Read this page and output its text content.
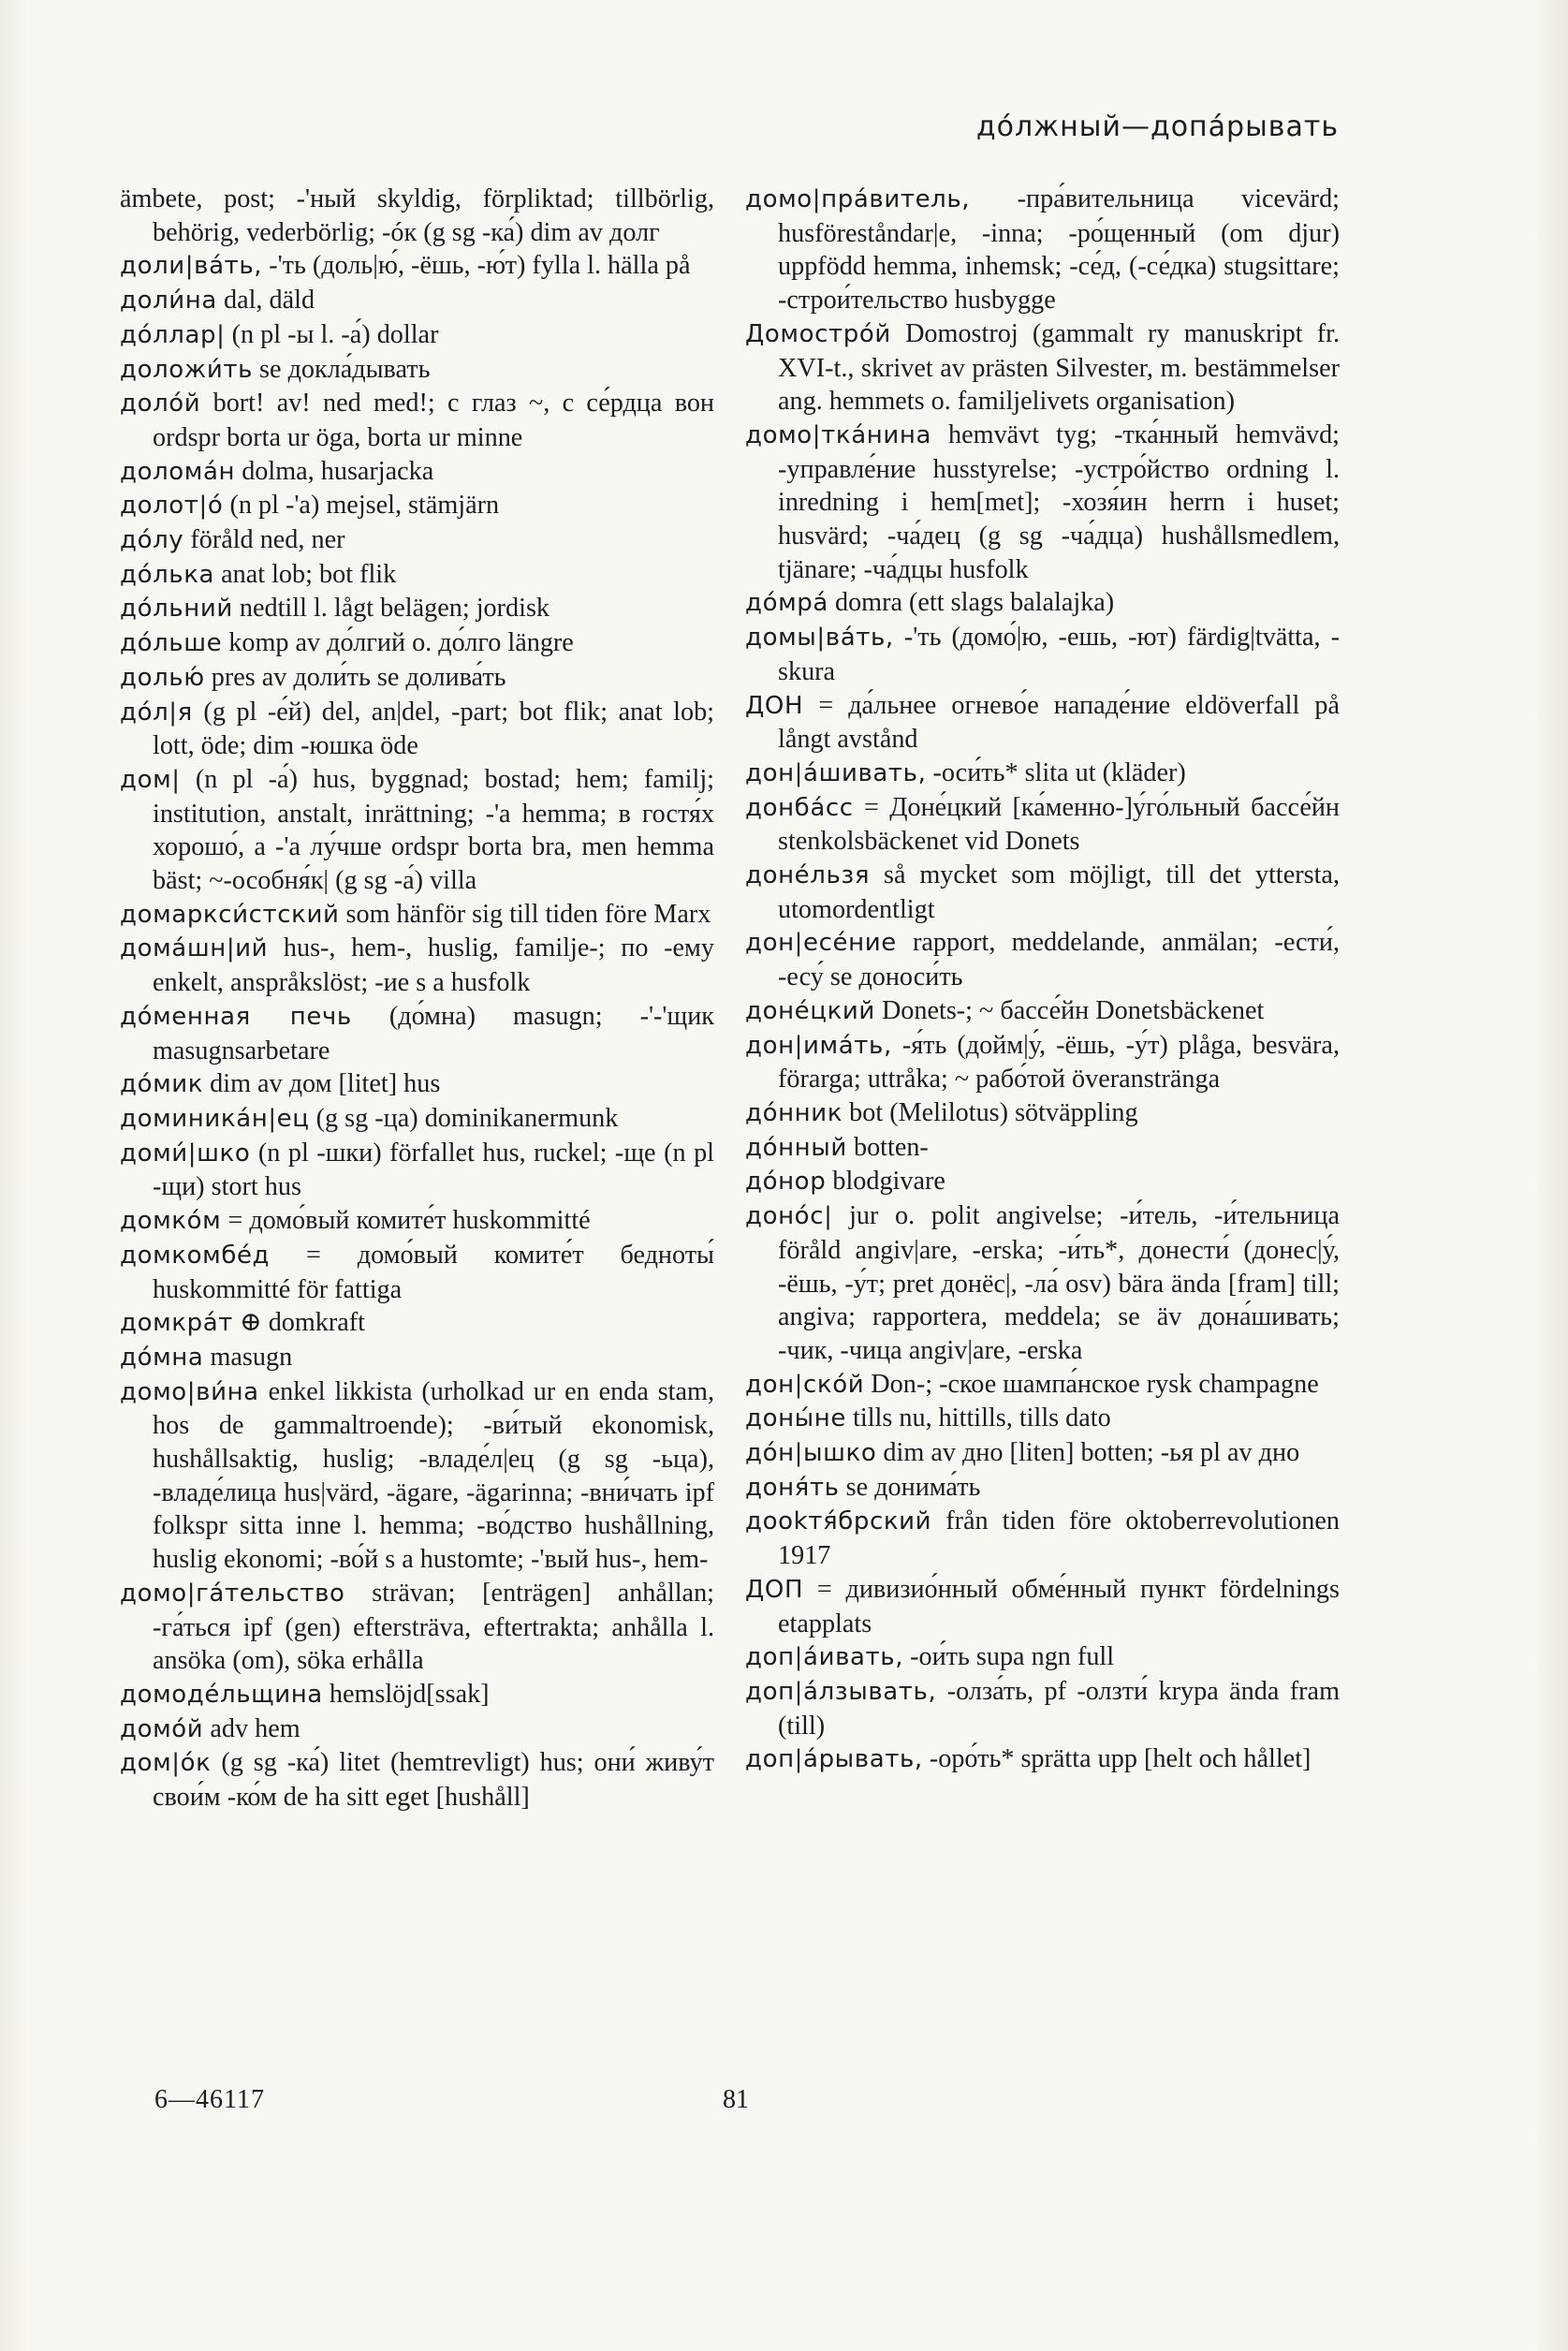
до́лжный—допа́рывать

ämbete, post; -'ный skyldig, förpliktad; tillbörlig, behörig, vederbörlig; -óк (g sg -ка́) dim av долг

доли|ва́ть, -'ть (доль|ю́, -ёшь, -ю́т) fylla l. hälla på

доли́на dal, däld

до́ллар| (n pl -ы l. -а́) dollar

доложи́ть se докла́дывать

доло́й bort! av! ned med!; с глаз ~, с се́рдца вон ordspr borta ur öga, borta ur minne

долома́н dolma, husarjacka

долот|о́ (n pl -'а) mejsel, stämjärn

до́лу föråld ned, ner

до́лька anat lob; bot flik

до́льний nedtill l. lågt belägen; jordisk

до́льше komp av до́лгий o. до́лго längre

долью́ pres av доли́ть se долива́ть

до́л|я (g pl -е́й) del, an|del, -part; bot flik; anat lob; lott, öde; dim -юшка öde

дом| (n pl -а́) hus, byggnad; bostad; hem; familj; institution, anstalt, inrättning; -'а hemma; в гостя́х хорошо́, а -'а лу́чше ordspr borta bra, men hemma bäst; ~-особня́к| (g sg -а́) villa

домаркси́стский som hänför sig till tiden före Marx

дома́шн|ий hus-, hem-, huslig, familje-; по -ему enkelt, anspråkslöst; -ие s a husfolk

до́менная печь (до́мна) masugn; -'-'щик masugnsarbetare

до́мик dim av дом [litet] hus

доминика́н|ец (g sg -ца) dominikanermunk

доми́|шко (n pl -шки) förfallet hus, ruckel; -ще (n pl -щи) stort hus

домко́м = домо́вый комите́т huskommitté

домкомбе́д = домо́вый комите́т бедноты́ huskommitté för fattiga

домкра́т ⊕ domkraft

до́мна masugn

домо|ви́на enkel likkista (urholkad ur en enda stam, hos de gammaltroende); -ви́тый ekonomisk, hushållsaktig, huslig; -владе́л|ец (g sg -ьца), -владе́лица hus|värd, -ägare, -ägarinna; -вни́чать ipf folkspr sitta inne l. hemma; -во́дство hushållning, huslig ekonomi; -во́й s a hustomte; -'вый hus-, hem-

домо|га́тельство strävan; [enträgen] anhållan; -га́ться ipf (gen) eftersträva, eftertrakta; anhålla l. ansöka (om), söka erhålla

домоде́льщина hemslöjd[ssak]

домо́й adv hem

дом|о́к (g sg -ка́) litet (hemtrevligt) hus; они́ живу́т свои́м -ко́м de ha sitt eget [hushåll]

домо|пра́витель, -пра́вительница vicevärd; husföreståndar|e, -inna; -ро́щенный (om djur) uppfödd hemma, inhemsk; -се́д, (-се́дка) stugsittare; -строи́тельство husbygge

Домостро́й Domostroj (gammalt ry manuskript fr. XVI-t., skrivet av prästen Silvester, m. bestämmelser ang. hemmets o. familjelivets organisation)

домо|тка́нина hemvävt tyg; -тка́нный hemvävd; -управле́ние husstyrelse; -устро́йство ordning l. inredning i hem[met]; -хозя́ин herrn i huset; husvärd; -ча́дец (g sg -ча́дца) hushållsmedlem, tjänare; -ча́дцы husfolk

до́мра́ domra (ett slags balalajka)

домы|ва́ть, -'ть (домо́|ю, -ешь, -ют) färdig|tvätta, -skura

ДОН = да́льнее огнево́е нападе́ние eldöverfall på långt avstånd

дон|а́шивать, -оси́ть* slita ut (kläder)

донба́сс = Доне́цкий [ка́менно-]у́го́льный бассе́йн stenkolsbäckenet vid Donets

доне́льзя så mycket som möjligt, till det yttersta, utomordentligt

дон|есе́ние rapport, meddelande, anmälan; -ести́, -есу́ se доноси́ть

доне́цкий Donets-; ~ бассе́йн Donetsbäckenet

дон|има́ть, -я́ть (дойм|у́, -ёшь, -у́т) plåga, besvära, förarga; uttråka; ~ рабо́той överanstränga

до́нник bot (Melilotus) sötväppling

до́нный botten-

до́нор blodgivare

доно́с| jur o. polit angivelse; -и́тель, -и́тельница föråld angiv|are, -erska; -и́ть*, донести́ (донес|у́, -ёшь, -у́т; pret донёс|, -ла́ osv) bära ända [fram] till; angiva; rapportera, meddela; se äv дона́шивать; -чик, -чица angiv|are, -erska

дон|ско́й Don-; -ское шампа́нское rysk champagne

доны́не tills nu, hittills, tills dato

до́н|ышко dim av дно [liten] botten; -ья pl av дно

доня́ть se донима́ть

дookтя́брский från tiden före oktoberrevolutionen 1917

ДОП = дивизио́нный обме́нный пункт fördelnings etapplats

доп|а́ивать, -ои́ть supa ngn full

доп|а́лзывать, -олза́ть, pf -олзти́ krypa ända fram (till)

доп|а́рывать, -оро́ть* sprätta upp [helt och hållet]

6—46117	81
